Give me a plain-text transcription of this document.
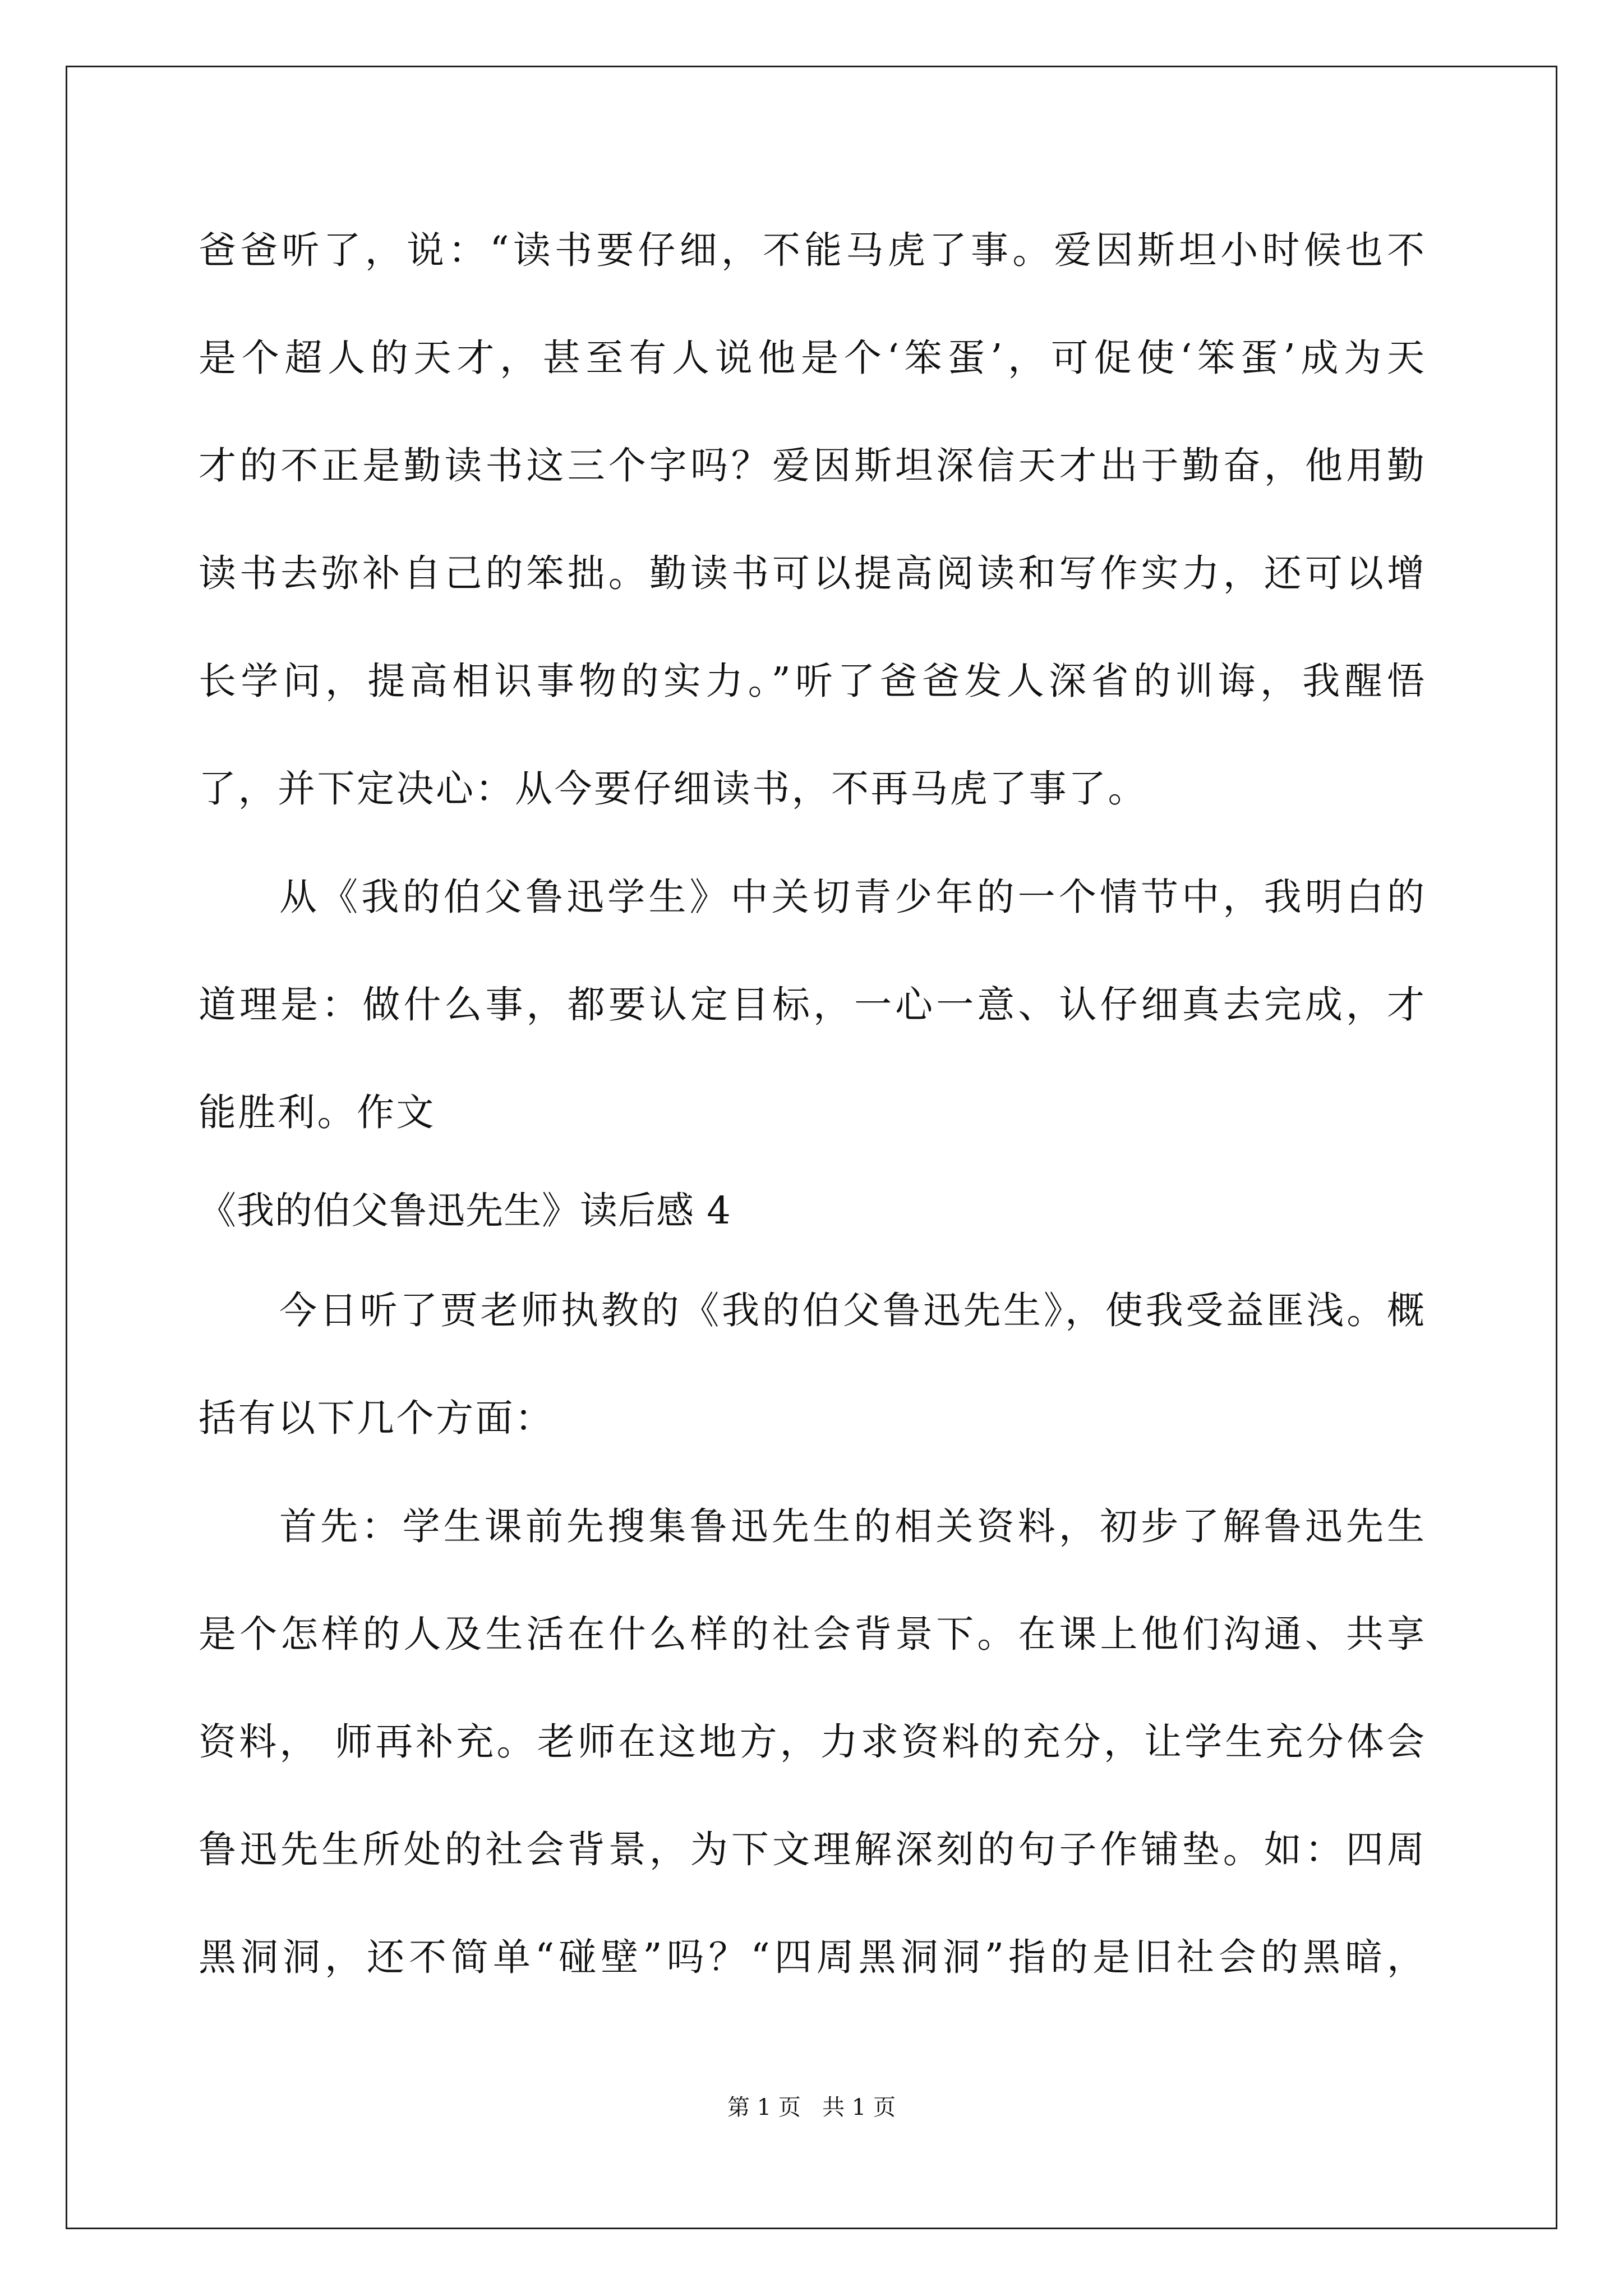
爸爸听了，说：“读书要仔细，不能马虎了事。爱因斯坦小时候也不
是个超人的天才，甚至有人说他是个‘笨蛋’，可促使‘笨蛋’成为天
才的不正是勤读书这三个字吗？爱因斯坦深信天才出于勤奋，他用勤
读书去弥补自己的笨拙。勤读书可以提高阅读和写作实力，还可以增
长学问，提高相识事物的实力。”听了爸爸发人深省的训诲，我醒悟
了，并下定决心：从今要仔细读书，不再马虎了事了。
从《我的伯父鲁迅学生》中关切青少年的一个情节中，我明白的
道理是：做什么事，都要认定目标，一心一意、认仔细真去完成，才
能胜利。作文
《我的伯父鲁迅先生》读后感 4
今日听了贾老师执教的《我的伯父鲁迅先生》，使我受益匪浅。概
括有以下几个方面：
首先：学生课前先搜集鲁迅先生的相关资料，初步了解鲁迅先生
是个怎样的人及生活在什么样的社会背景下。在课上他们沟通、共享
资料， 师再补充。老师在这地方，力求资料的充分，让学生充分体会
鲁迅先生所处的社会背景，为下文理解深刻的句子作铺垫。如：四周
黑洞洞，还不简单“碰壁”吗？“四周黑洞洞”指的是旧社会的黑暗，
第 1 页   共 1 页
